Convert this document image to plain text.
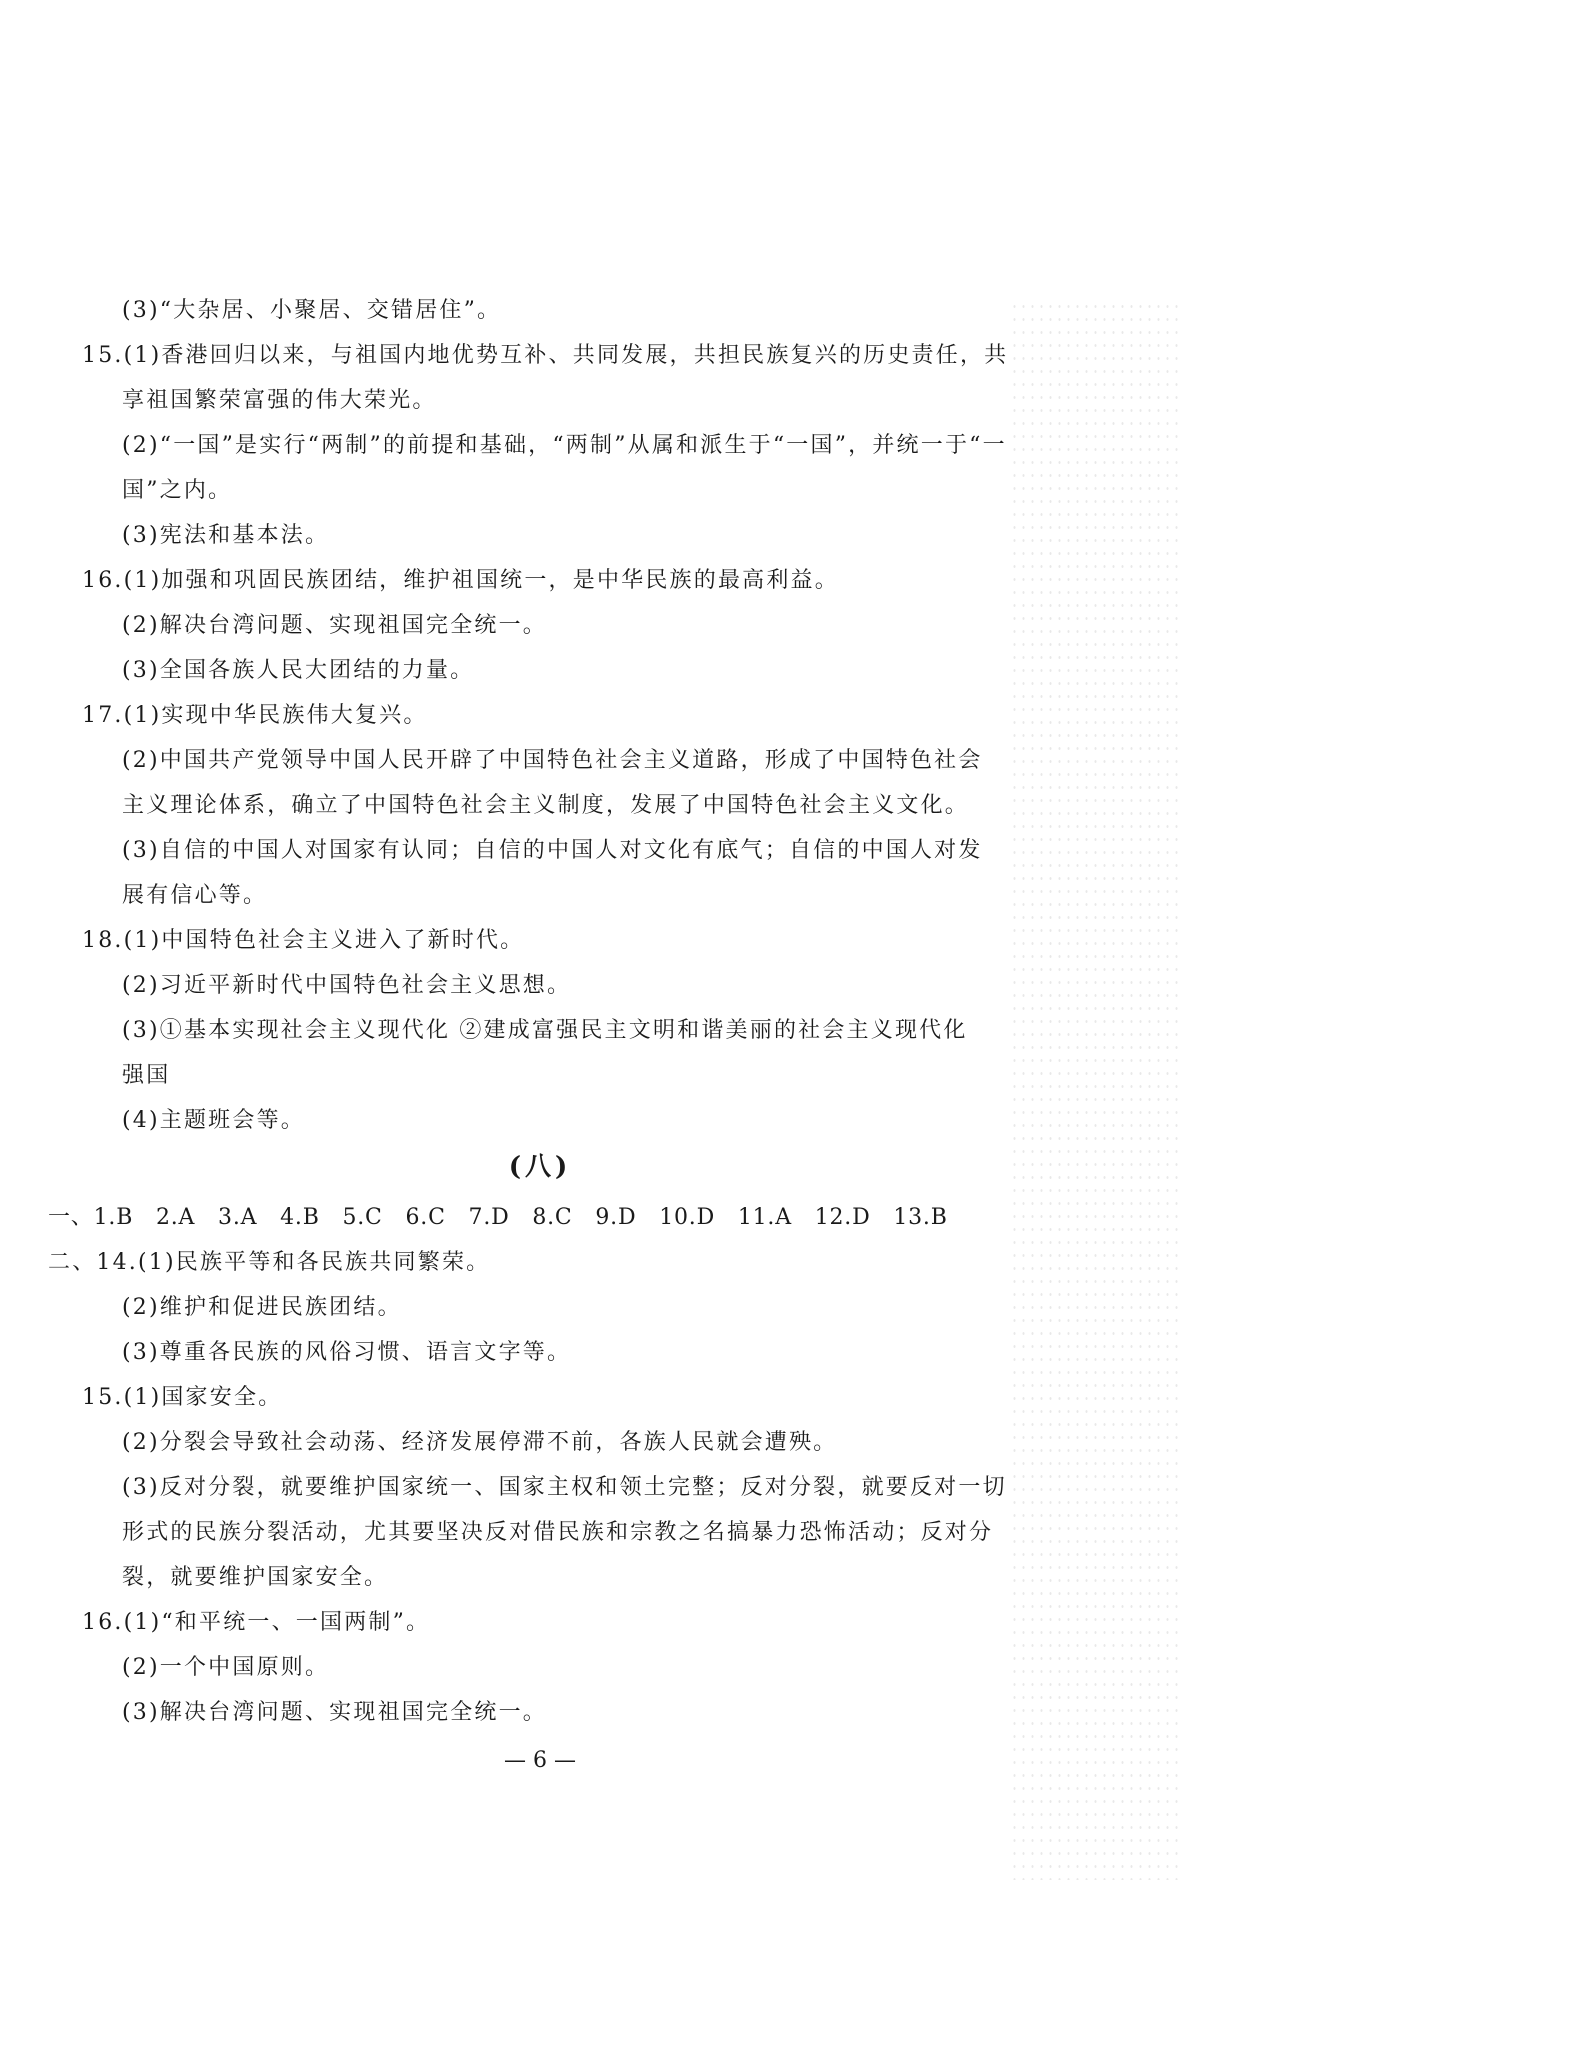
(3)“大杂居、小聚居、交错居住”。
15.(1)香港回归以来，与祖国内地优势互补、共同发展，共担民族复兴的历史责任，共
享祖国繁荣富强的伟大荣光。
(2)“一国”是实行“两制”的前提和基础，“两制”从属和派生于“一国”，并统一于“一
国”之内。
(3)宪法和基本法。
16.(1)加强和巩固民族团结，维护祖国统一，是中华民族的最高利益。
(2)解决台湾问题、实现祖国完全统一。
(3)全国各族人民大团结的力量。
17.(1)实现中华民族伟大复兴。
(2)中国共产党领导中国人民开辟了中国特色社会主义道路，形成了中国特色社会
主义理论体系，确立了中国特色社会主义制度，发展了中国特色社会主义文化。
(3)自信的中国人对国家有认同；自信的中国人对文化有底气；自信的中国人对发
展有信心等。
18.(1)中国特色社会主义进入了新时代。
(2)习近平新时代中国特色社会主义思想。
(3)①基本实现社会主义现代化 ②建成富强民主文明和谐美丽的社会主义现代化
强国
(4)主题班会等。
(八)
一、1.B　2.A　3.A　4.B　5.C　6.C　7.D　8.C　9.D　10.D　11.A　12.D　13.B
二、14.(1)民族平等和各民族共同繁荣。
(2)维护和促进民族团结。
(3)尊重各民族的风俗习惯、语言文字等。
15.(1)国家安全。
(2)分裂会导致社会动荡、经济发展停滞不前，各族人民就会遭殃。
(3)反对分裂，就要维护国家统一、国家主权和领土完整；反对分裂，就要反对一切
形式的民族分裂活动，尤其要坚决反对借民族和宗教之名搞暴力恐怖活动；反对分
裂，就要维护国家安全。
16.(1)“和平统一、一国两制”。
(2)一个中国原则。
(3)解决台湾问题、实现祖国完全统一。
— 6 —
